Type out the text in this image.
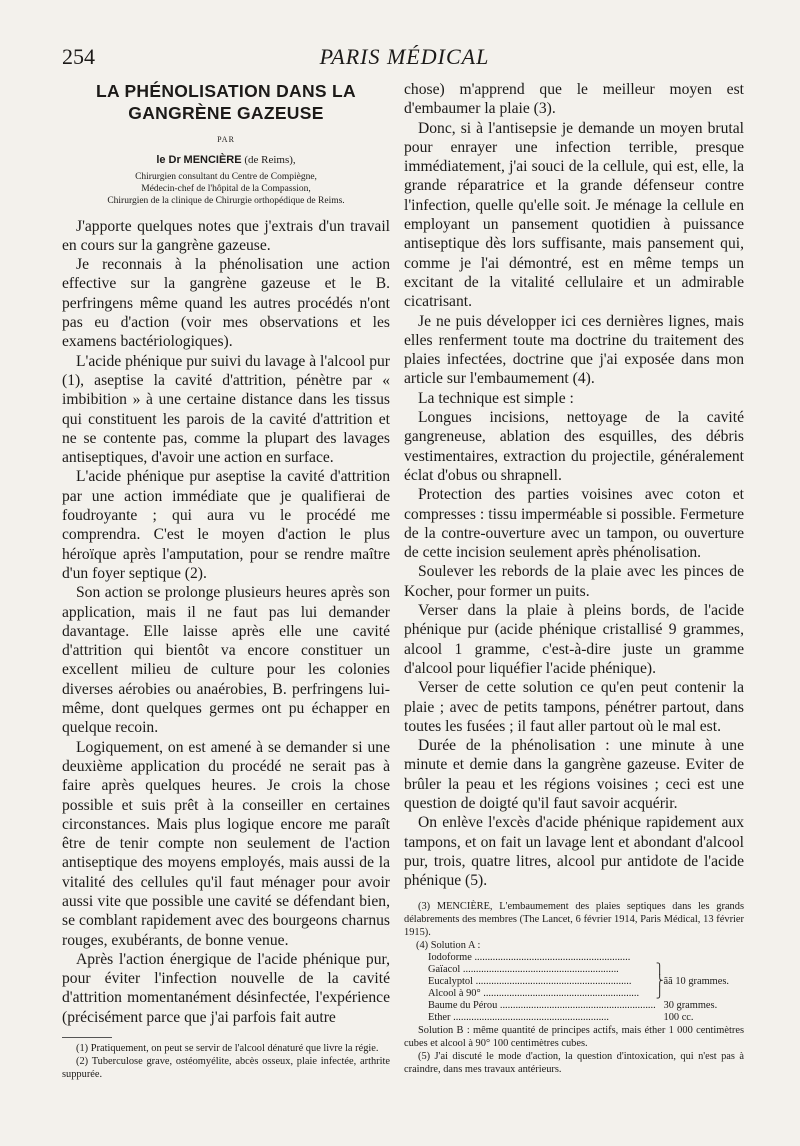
254	PARIS MÉDICAL
LA PHÉNOLISATION DANS LA
GANGRÈNE GAZEUSE
PAR
le Dr MENCIÈRE (de Reims),
Chirurgien consultant du Centre de Compiègne,
Médecin-chef de l'hôpital de la Compassion,
Chirurgien de la clinique de Chirurgie orthopédique de Reims.

J'apporte quelques notes que j'extrais d'un travail en cours sur la gangrène gazeuse.

Je reconnais à la phénolisation une action effective sur la gangrène gazeuse et le B. perfringens même quand les autres procédés n'ont pas eu d'action (voir mes observations et les examens bactériologiques).

L'acide phénique pur suivi du lavage à l'alcool pur (1), aseptise la cavité d'attrition, pénètre par « imbibition » à une certaine distance dans les tissus qui constituent les parois de la cavité d'attrition et ne se contente pas, comme la plupart des lavages antiseptiques, d'avoir une action en surface.

L'acide phénique pur aseptise la cavité d'attrition par une action immédiate que je qualifierai de foudroyante ; qui aura vu le procédé me comprendra. C'est le moyen d'action le plus héroïque après l'amputation, pour se rendre maître d'un foyer septique (2).

Son action se prolonge plusieurs heures après son application, mais il ne faut pas lui demander davantage. Elle laisse après elle une cavité d'attrition qui bientôt va encore constituer un excellent milieu de culture pour les colonies diverses aérobies ou anaérobies, B. perfringens lui-même, dont quelques germes ont pu échapper en quelque recoin.

Logiquement, on est amené à se demander si une deuxième application du procédé ne serait pas à faire après quelques heures. Je crois la chose possible et suis prêt à la conseiller en certaines circonstances. Mais plus logique encore me paraît être de tenir compte non seulement de l'action antiseptique des moyens employés, mais aussi de la vitalité des cellules qu'il faut ménager pour avoir aussi vite que possible une cavité se défendant bien, se comblant rapidement avec des bourgeons charnus rouges, exubérants, de bonne venue.

Après l'action énergique de l'acide phénique pur, pour éviter l'infection nouvelle de la cavité d'attrition momentanément désinfectée, l'expérience (précisément parce que j'ai parfois fait autre

(1) Pratiquement, on peut se servir de l'alcool dénaturé que livre la régie.

(2) Tuberculose grave, ostéomyélite, abcès osseux, plaie infectée, arthrite suppurée.

chose) m'apprend que le meilleur moyen est d'embaumer la plaie (3).

Donc, si à l'antisepsie je demande un moyen brutal pour enrayer une infection terrible, presque immédiatement, j'ai souci de la cellule, qui est, elle, la grande réparatrice et la grande défenseur contre l'infection, quelle qu'elle soit. Je ménage la cellule en employant un pansement quotidien à puissance antiseptique dès lors suffisante, mais pansement qui, comme je l'ai démontré, est en même temps un excitant de la vitalité cellulaire et un admirable cicatrisant.

Je ne puis développer ici ces dernières lignes, mais elles renferment toute ma doctrine du traitement des plaies infectées, doctrine que j'ai exposée dans mon article sur l'embaumement (4).

La technique est simple :

Longues incisions, nettoyage de la cavité gangreneuse, ablation des esquilles, des débris vestimentaires, extraction du projectile, généralement éclat d'obus ou shrapnell.

Protection des parties voisines avec coton et compresses : tissu imperméable si possible. Fermeture de la contre-ouverture avec un tampon, ou ouverture de cette incision seulement après phénolisation.

Soulever les rebords de la plaie avec les pinces de Kocher, pour former un puits.

Verser dans la plaie à pleins bords, de l'acide phénique pur (acide phénique cristallisé 9 grammes, alcool 1 gramme, c'est-à-dire juste un gramme d'alcool pour liquéfier l'acide phénique).

Verser de cette solution ce qu'en peut contenir la plaie ; avec de petits tampons, pénétrer partout, dans toutes les fusées ; il faut aller partout où le mal est.

Durée de la phénolisation : une minute à une minute et demie dans la gangrène gazeuse. Eviter de brûler la peau et les régions voisines ; ceci est une question de doigté qu'il faut savoir acquérir.

On enlève l'excès d'acide phénique rapidement aux tampons, et on fait un lavage lent et abondant d'alcool pur, trois, quatre litres, alcool pur antidote de l'acide phénique (5).

(3) MENCIÈRE, L'embaumement des plaies septiques dans les grands délabrements des membres (The Lancet, 6 février 1914, Paris Médical, 13 février 1915).

(4) Solution A :
Iodoforme ............................................................		
Gaïacol ............................................................	⎫	
Eucalyptol ............................................................	⎬	ãã 10 grammes.
Alcool à 90° ............................................................	⎭	
Baume du Pérou ............................................................		30 grammes.
Ether ............................................................		100 cc.

Solution B : même quantité de principes actifs, mais éther 1 000 centimètres cubes et alcool à 90° 100 centimètres cubes.

(5) J'ai discuté le mode d'action, la question d'intoxication, qui n'est pas à craindre, dans mes travaux antérieurs.
